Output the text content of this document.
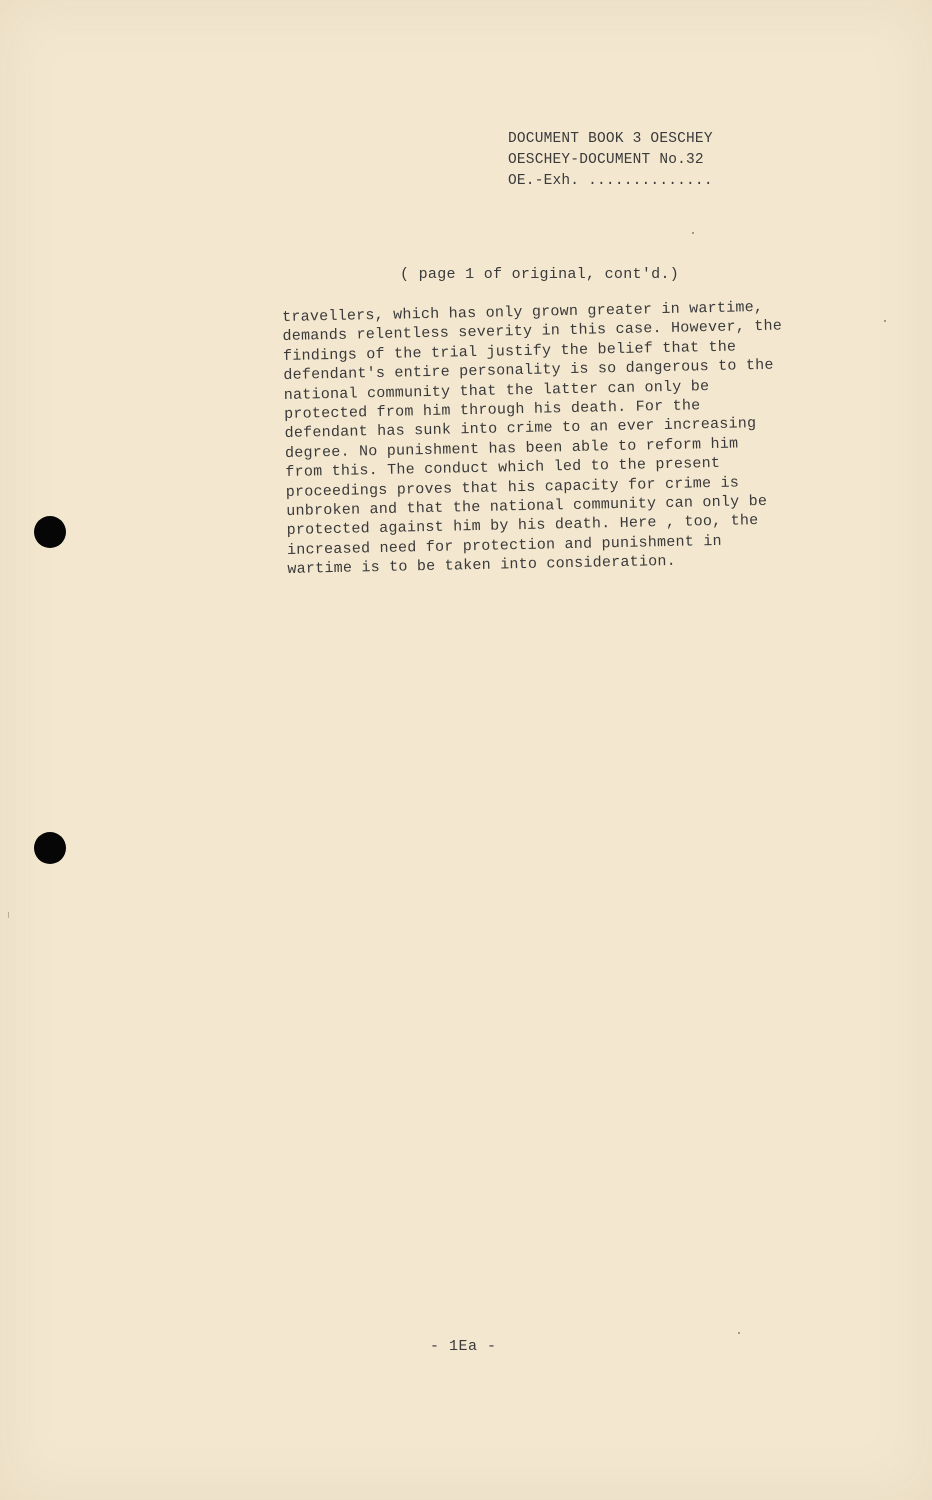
DOCUMENT BOOK 3 OESCHEY
OESCHEY-DOCUMENT No.32
OE.-Exh. ..............
( page 1 of original, cont'd.)
travellers, which has only grown greater in wartime,
demands relentless severity in this case. However, the
findings of the trial justify the belief that the
defendant's entire personality is so dangerous to the
national community that the latter can only be
protected from him through his death. For the
defendant has sunk into crime to an ever increasing
degree. No punishment has been able to reform him
from this. The conduct which led to the present
proceedings proves that his capacity for crime is
unbroken and that the national community can only be
protected against him by his death. Here , too, the
increased need for protection and punishment in
wartime is to be taken into consideration.
- 1Ea -
